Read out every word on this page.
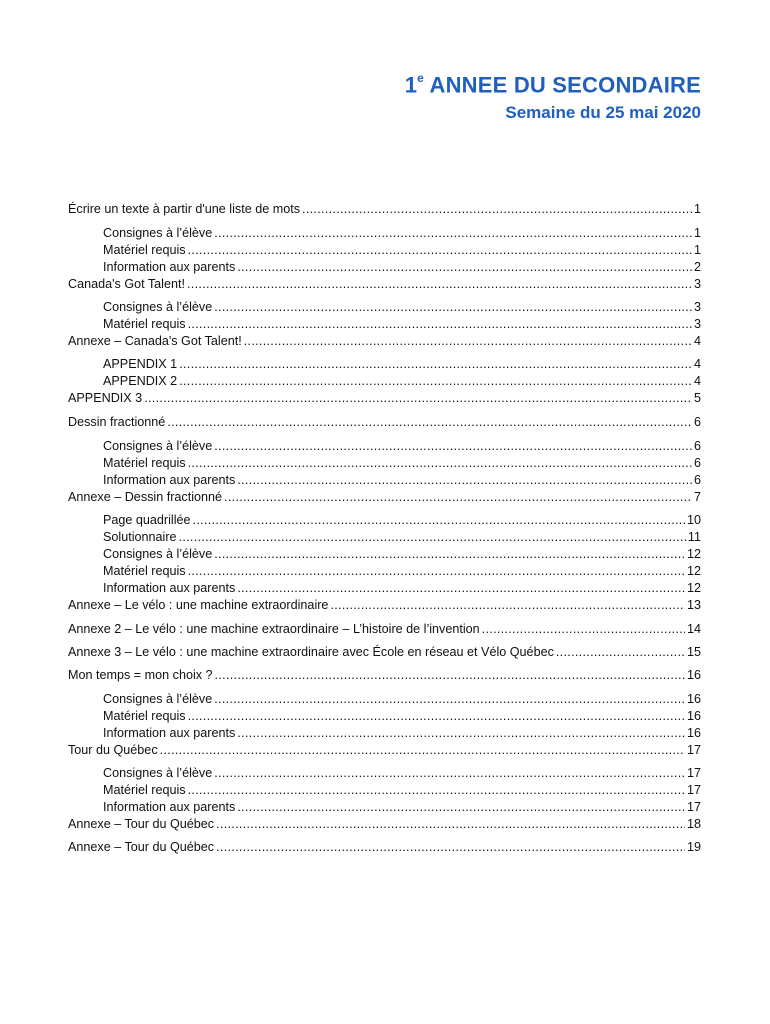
1e ANNEE DU SECONDAIRE
Semaine du 25 mai 2020
Écrire un texte à partir d'une liste de mots .....	1
Consignes à l’élève .....	1
Matériel requis .....	1
Information aux parents .....	2
Canada's Got Talent! .....	3
Consignes à l’élève .....	3
Matériel requis .....	3
Annexe – Canada's Got Talent! .....	4
APPENDIX 1 .....	4
APPENDIX 2 .....	4
APPENDIX 3 .....	5
Dessin fractionné .....	6
Consignes à l’élève .....	6
Matériel requis .....	6
Information aux parents .....	6
Annexe – Dessin fractionné .....	7
Page quadrillée .....	10
Solutionnaire .....	11
Consignes à l’élève .....	12
Matériel requis .....	12
Information aux parents .....	12
Annexe – Le vélo : une machine extraordinaire .....	13
Annexe 2 – Le vélo : une machine extraordinaire – L’histoire de l’invention .....	14
Annexe 3 – Le vélo : une machine extraordinaire avec École en réseau et Vélo Québec .....	15
Mon temps = mon choix ? .....	16
Consignes à l’élève .....	16
Matériel requis .....	16
Information aux parents .....	16
Tour du Québec .....	17
Consignes à l’élève .....	17
Matériel requis .....	17
Information aux parents .....	17
Annexe – Tour du Québec .....	18
Annexe – Tour du Québec .....	19
